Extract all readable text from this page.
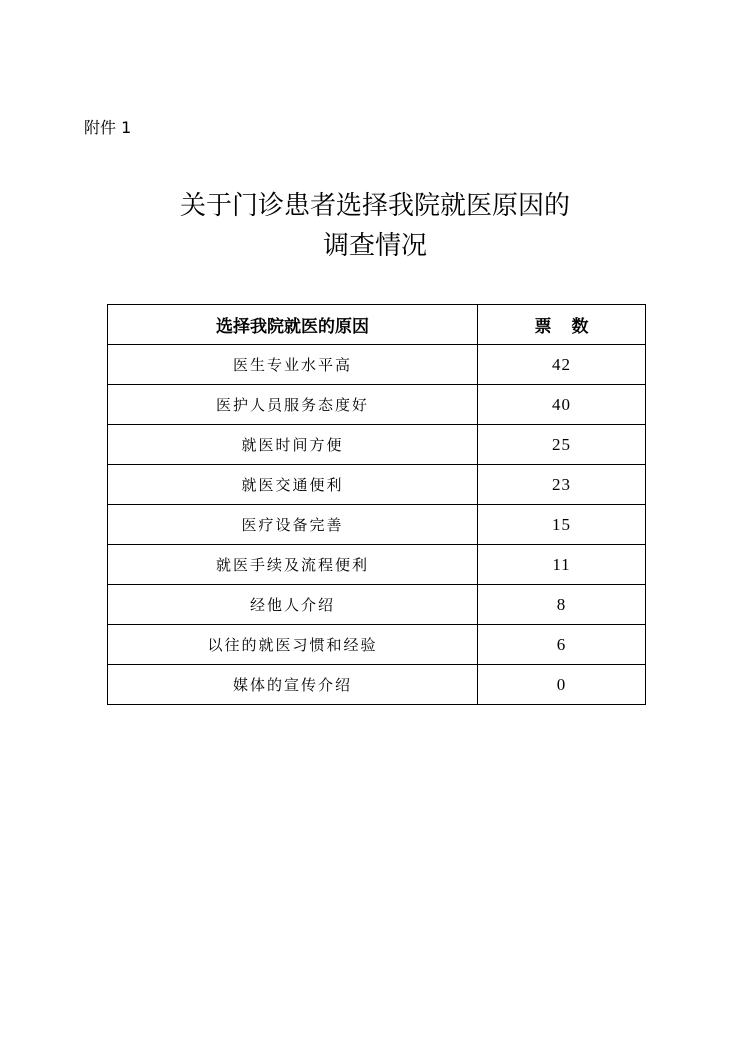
附件 1
关于门诊患者选择我院就医原因的
调查情况
选择我院就医的原因	票数
医生专业水平高	42
医护人员服务态度好	40
就医时间方便	25
就医交通便利	23
医疗设备完善	15
就医手续及流程便利	11
经他人介绍	8
以往的就医习惯和经验	6
媒体的宣传介绍	0
